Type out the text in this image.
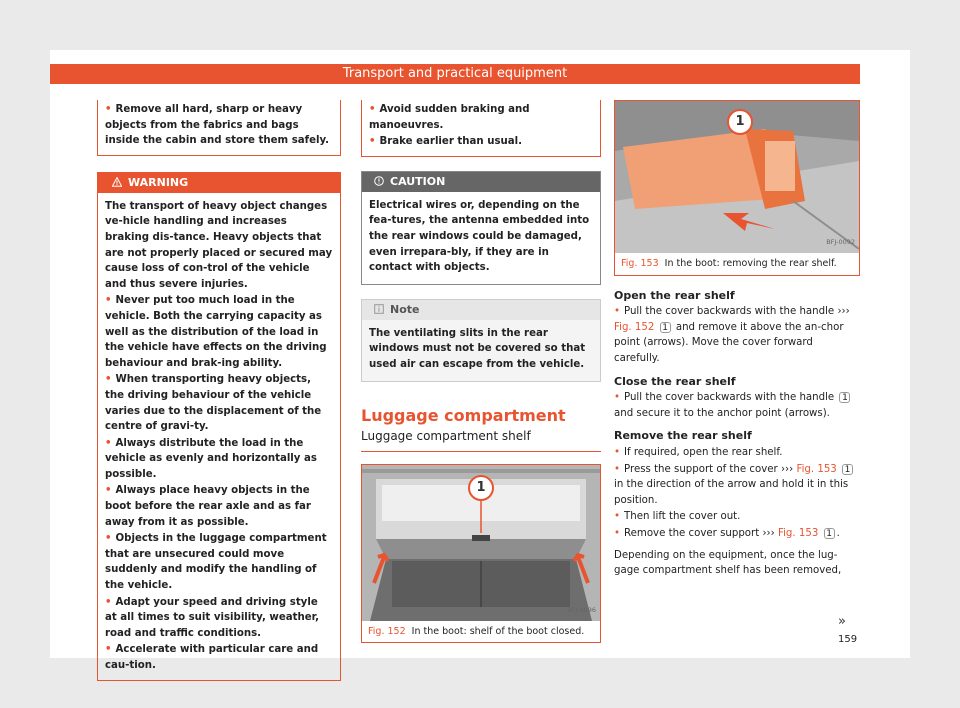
Transport and practical equipment
• Remove all hard, sharp or heavy objects from the fabrics and bags inside the cabin and store them safely.
WARNING

The transport of heavy object changes ve-hicle handling and increases braking dis-tance. Heavy objects that are not properly placed or secured may cause loss of con-trol of the vehicle and thus severe injuries.

• Never put too much load in the vehicle. Both the carrying capacity as well as the distribution of the load in the vehicle have effects on the driving behaviour and brak-ing ability.

• When transporting heavy objects, the driving behaviour of the vehicle varies due to the displacement of the centre of gravi-ty.

• Always distribute the load in the vehicle as evenly and horizontally as possible.

• Always place heavy objects in the boot before the rear axle and as far away from it as possible.

• Objects in the luggage compartment that are unsecured could move suddenly and modify the handling of the vehicle.

• Adapt your speed and driving style at all times to suit visibility, weather, road and traffic conditions.

• Accelerate with particular care and cau-tion.

• Avoid sudden braking and manoeuvres.

• Brake earlier than usual.

CAUTION

Electrical wires or, depending on the fea-tures, the antenna embedded into the rear windows could be damaged, even irrepara-bly, if they are in contact with objects.

Note

The ventilating slits in the rear windows must not be covered so that used air can escape from the vehicle.

Luggage compartment
Luggage compartment shelf
1
BFJ-0096
Fig. 152 In the boot: shelf of the boot closed.
1
BFJ-0092
Fig. 153 In the boot: removing the rear shelf.
Open the rear shelf

• Pull the cover backwards with the handle ››› Fig. 152 1 and remove it above the an-chor point (arrows). Move the cover forward carefully.

Close the rear shelf

• Pull the cover backwards with the handle 1 and secure it to the anchor point (arrows).

Remove the rear shelf

• If required, open the rear shelf.

• Press the support of the cover ››› Fig. 153 1 in the direction of the arrow and hold it in this position.

• Then lift the cover out.

• Remove the cover support ››› Fig. 153 1 .

Depending on the equipment, once the lug-gage compartment shelf has been removed,

»
159
